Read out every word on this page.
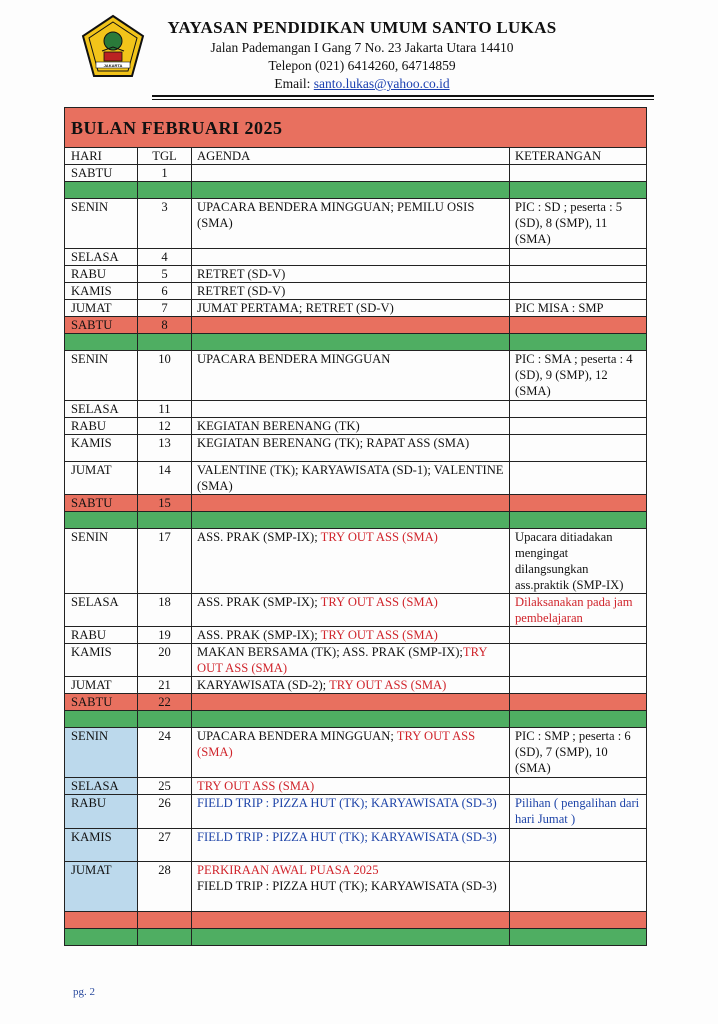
JAKARTA
YAYASAN PENDIDIKAN UMUM SANTO LUKAS
Jalan Pademangan I Gang 7 No. 23 Jakarta Utara 14410
Telepon (021) 6414260, 64714859
Email: santo.lukas@yahoo.co.id
BULAN FEBRUARI 2025			
HARI	TGL	AGENDA	KETERANGAN
SABTU	1		

SENIN	3	UPACARA BENDERA MINGGUAN; PEMILU OSIS (SMA)	PIC : SD ; peserta : 5 (SD), 8 (SMP), 11 (SMA)
SELASA	4		
RABU	5	RETRET (SD-V)	
KAMIS	6	RETRET (SD-V)	
JUMAT	7	JUMAT PERTAMA; RETRET (SD-V)	PIC MISA : SMP
SABTU	8		

SENIN	10	UPACARA BENDERA MINGGUAN	PIC : SMA ; peserta : 4 (SD), 9 (SMP), 12 (SMA)
SELASA	11		
RABU	12	KEGIATAN BERENANG (TK)	
KAMIS	13	KEGIATAN BERENANG (TK); RAPAT ASS (SMA)	
JUMAT	14	VALENTINE (TK); KARYAWISATA (SD-1); VALENTINE (SMA)	
SABTU	15		

SENIN	17	ASS. PRAK (SMP-IX); TRY OUT ASS (SMA)	Upacara ditiadakan mengingat dilangsungkan ass.praktik (SMP-IX)
SELASA	18	ASS. PRAK (SMP-IX); TRY OUT ASS (SMA)	Dilaksanakan pada jam pembelajaran
RABU	19	ASS. PRAK (SMP-IX); TRY OUT ASS (SMA)	
KAMIS	20	MAKAN BERSAMA (TK); ASS. PRAK (SMP-IX);TRY OUT ASS (SMA)	
JUMAT	21	KARYAWISATA (SD-2); TRY OUT ASS (SMA)	
SABTU	22		

SENIN	24	UPACARA BENDERA MINGGUAN; TRY OUT ASS (SMA)	PIC : SMP ; peserta : 6 (SD), 7 (SMP), 10 (SMA)
SELASA	25	TRY OUT ASS (SMA)	
RABU	26	FIELD TRIP : PIZZA HUT (TK); KARYAWISATA (SD-3)	Pilihan ( pengalihan dari hari Jumat )
KAMIS	27	FIELD TRIP : PIZZA HUT (TK); KARYAWISATA (SD-3)	
JUMAT	28	PERKIRAAN AWAL PUASA 2025
FIELD TRIP : PIZZA HUT (TK); KARYAWISATA (SD-3)	

pg. 2
